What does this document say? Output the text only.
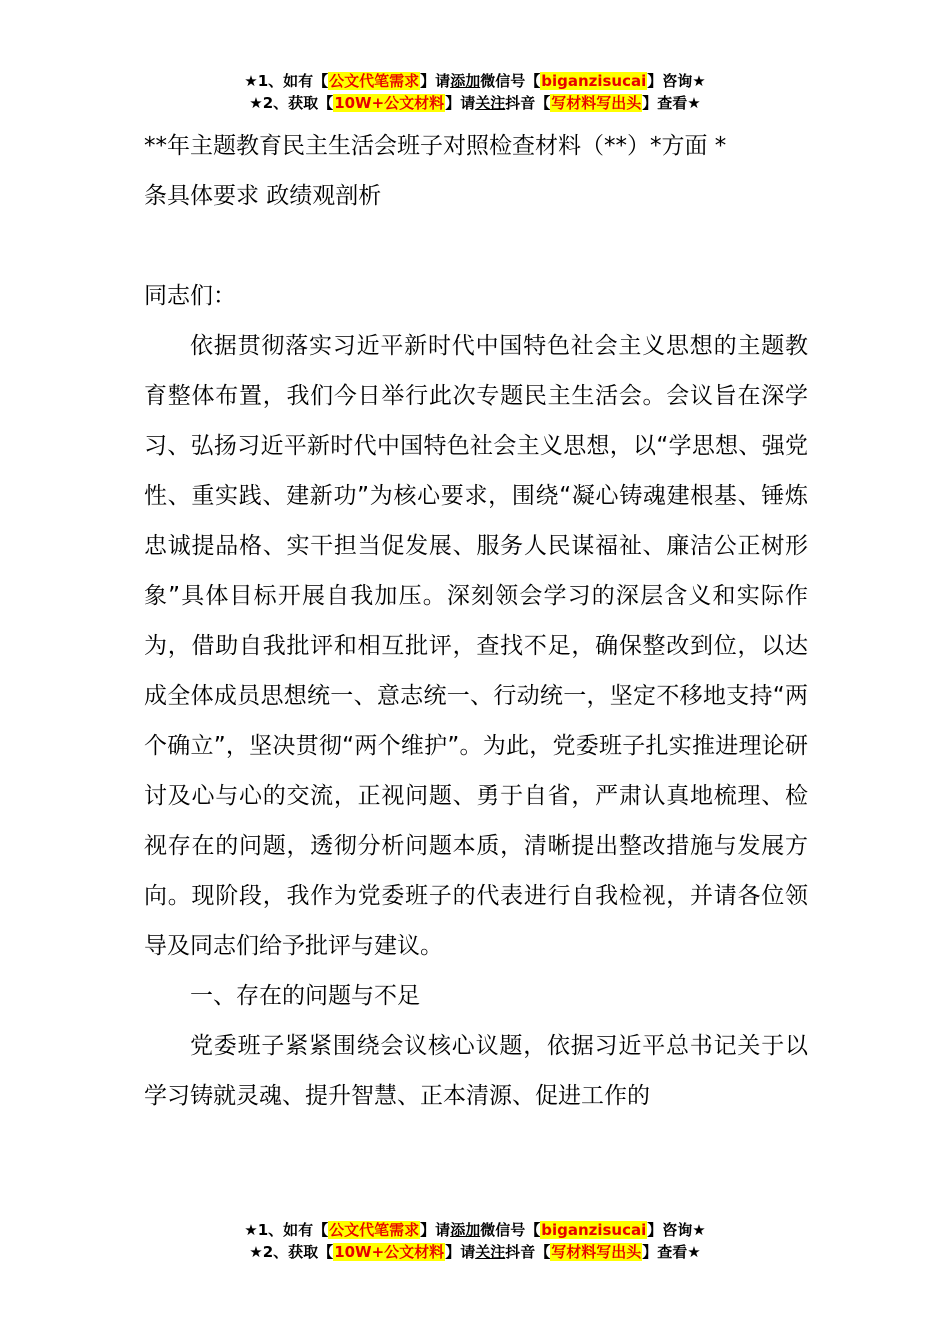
★1、如有【公文代笔需求】请添加微信号【biganzisucai】咨询★
★2、获取【10W+公文材料】请关注抖音【写材料写出头】查看★
**年主题教育民主生活会班子对照检查材料（**）*方面 *
条具体要求 政绩观剖析

同志们：

依据贯彻落实习近平新时代中国特色社会主义思想的主题教育整体布置，我们今日举行此次专题民主生活会。会议旨在深学习、弘扬习近平新时代中国特色社会主义思想，以“学思想、强党性、重实践、建新功”为核心要求，围绕“凝心铸魂建根基、锤炼忠诚提品格、实干担当促发展、服务人民谋福祉、廉洁公正树形象”具体目标开展自我加压。深刻领会学习的深层含义和实际作为，借助自我批评和相互批评，查找不足，确保整改到位，以达成全体成员思想统一、意志统一、行动统一，坚定不移地支持“两个确立”，坚决贯彻“两个维护”。为此，党委班子扎实推进理论研讨及心与心的交流，正视问题、勇于自省，严肃认真地梳理、检视存在的问题，透彻分析问题本质，清晰提出整改措施与发展方向。现阶段，我作为党委班子的代表进行自我检视，并请各位领导及同志们给予批评与建议。

一、存在的问题与不足

党委班子紧紧围绕会议核心议题，依据习近平总书记关于以学习铸就灵魂、提升智慧、正本清源、促进工作的

★1、如有【公文代笔需求】请添加微信号【biganzisucai】咨询★
★2、获取【10W+公文材料】请关注抖音【写材料写出头】查看★
